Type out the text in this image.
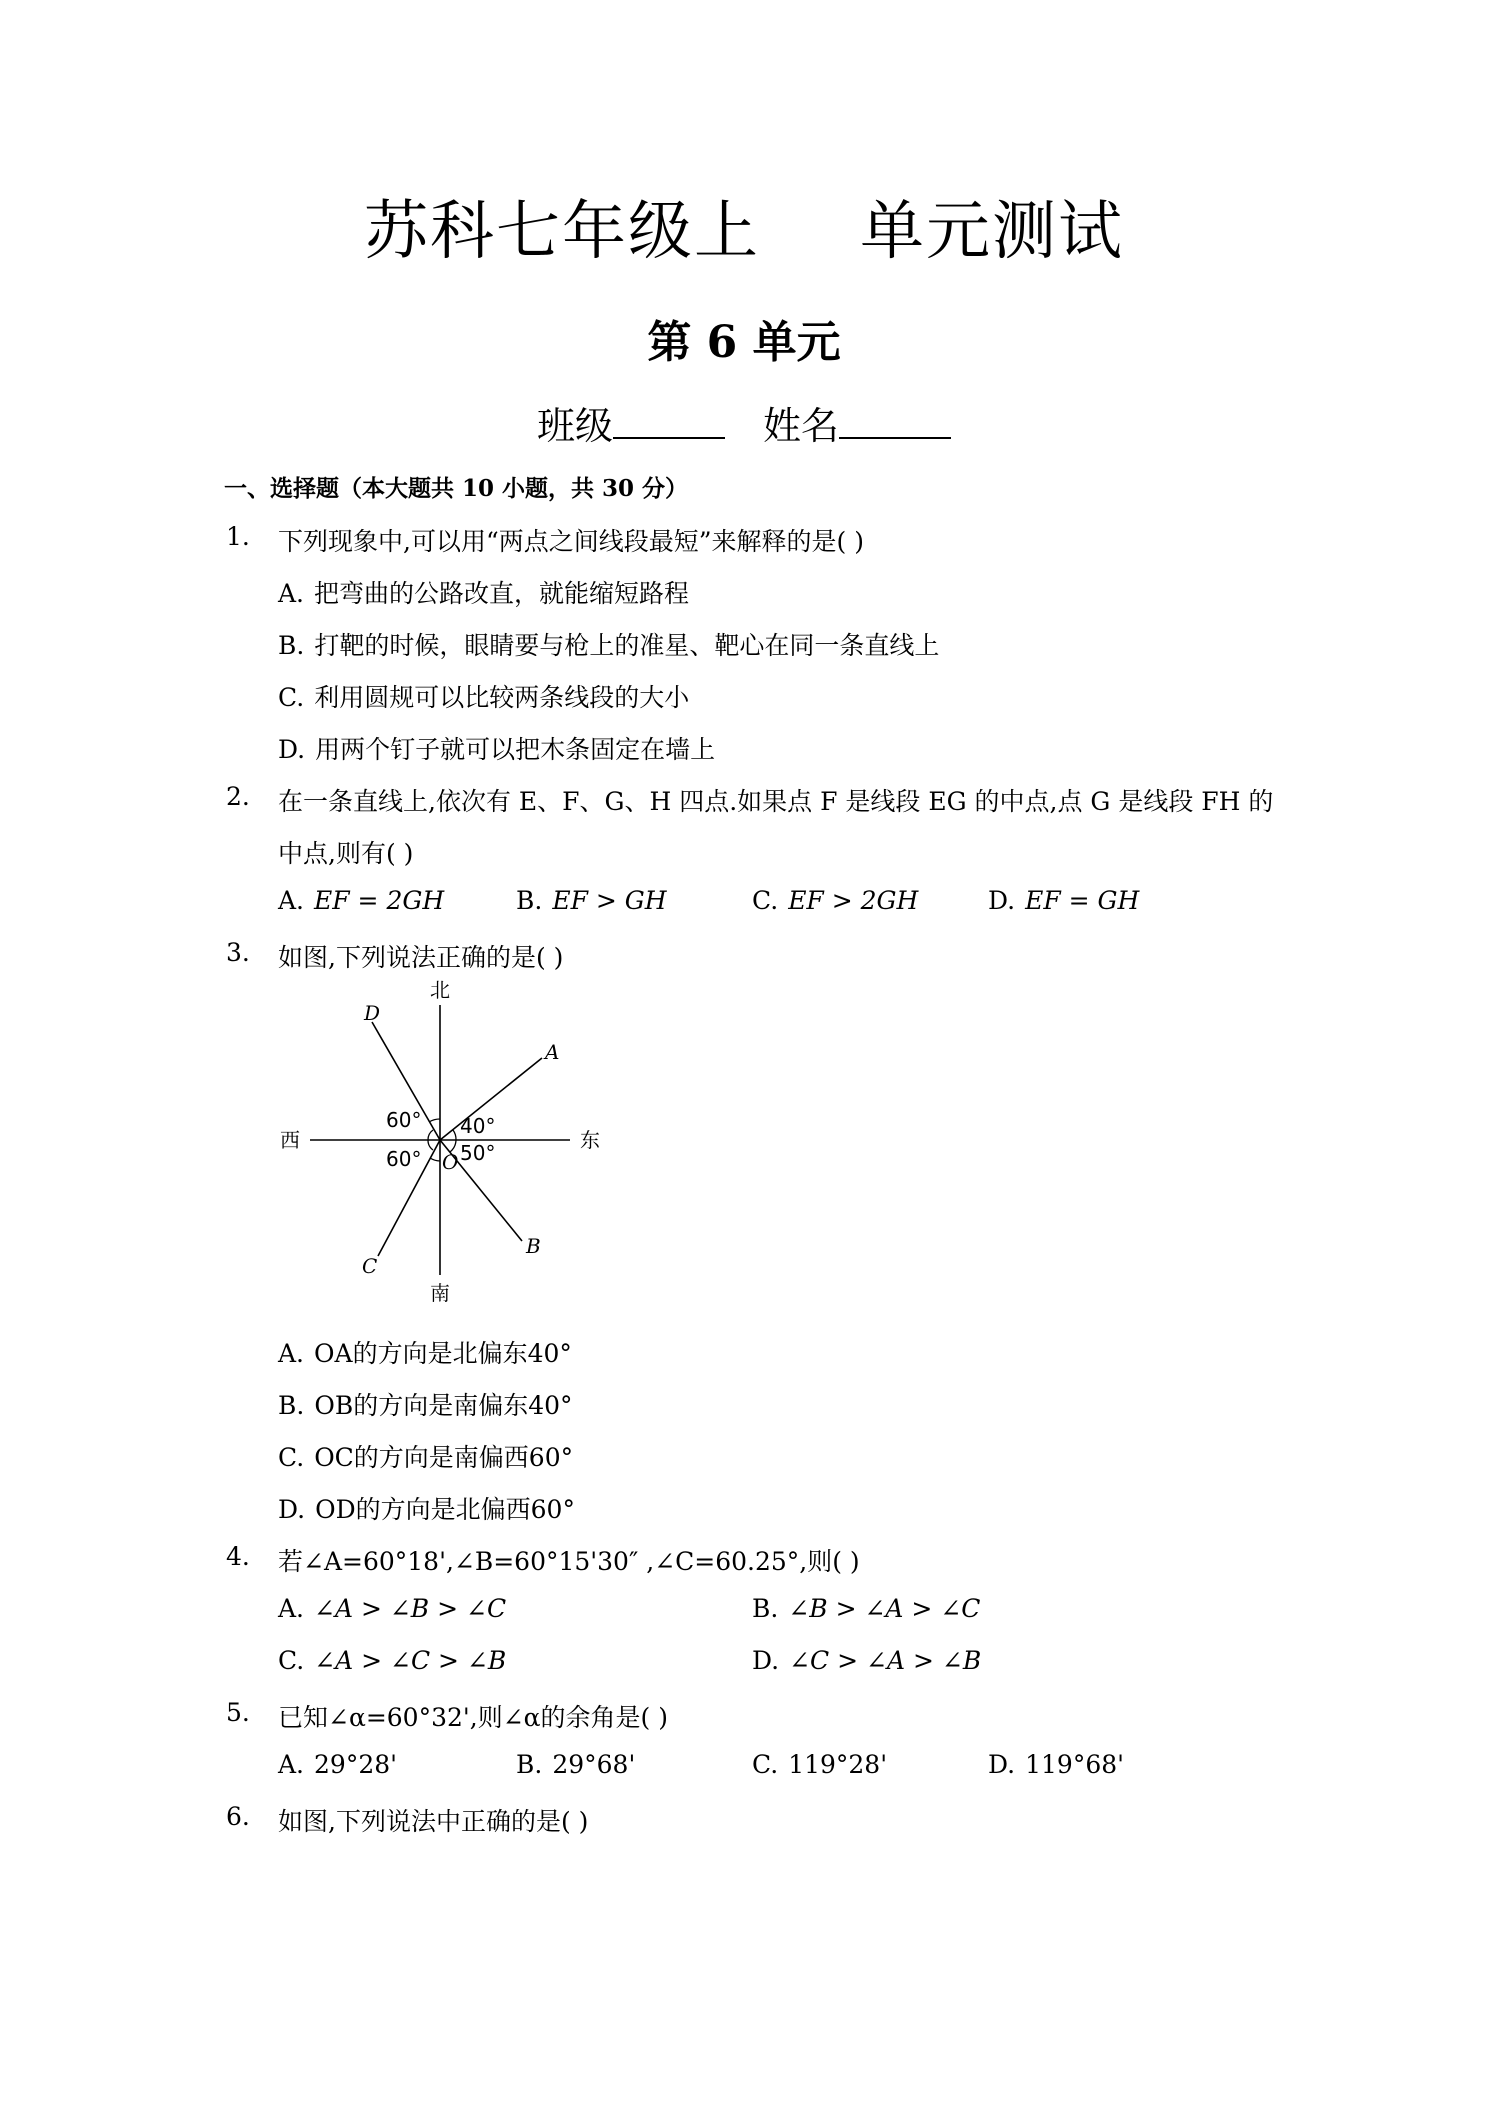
苏科七年级上 单元测试
第 6 单元
班级	姓名
一、选择题（本大题共 10 小题，共 30 分）
1. 下列现象中,可以用“两点之间线段最短”来解释的是( )
A. 把弯曲的公路改直，就能缩短路程
B. 打靶的时候，眼睛要与枪上的准星、靶心在同一条直线上
C. 利用圆规可以比较两条线段的大小
D. 用两个钉子就可以把木条固定在墙上
2. 在一条直线上,依次有 E、F、G、H 四点.如果点 F 是线段 EG 的中点,点 G 是线段 FH 的
中点,则有( )
A. EF = 2GH	B. EF > GH	C. EF > 2GH	D. EF = GH
3. 如图,下列说法正确的是( )
北
南
西	东
O
A
B
C
D
40°
50°
60°
60°
A. OA的方向是北偏东40°
B. OB的方向是南偏东40°
C. OC的方向是南偏西60°
D. OD的方向是北偏西60°
4. 若∠A=60°18',∠B=60°15'30″ ,∠C=60.25°,则( )
A. ∠A > ∠B > ∠C	B. ∠B > ∠A > ∠C
C. ∠A > ∠C > ∠B	D. ∠C > ∠A > ∠B
5. 已知∠α=60°32',则∠α的余角是( )
A. 29°28'	B. 29°68'	C. 119°28'	D. 119°68'
6. 如图,下列说法中正确的是( )
